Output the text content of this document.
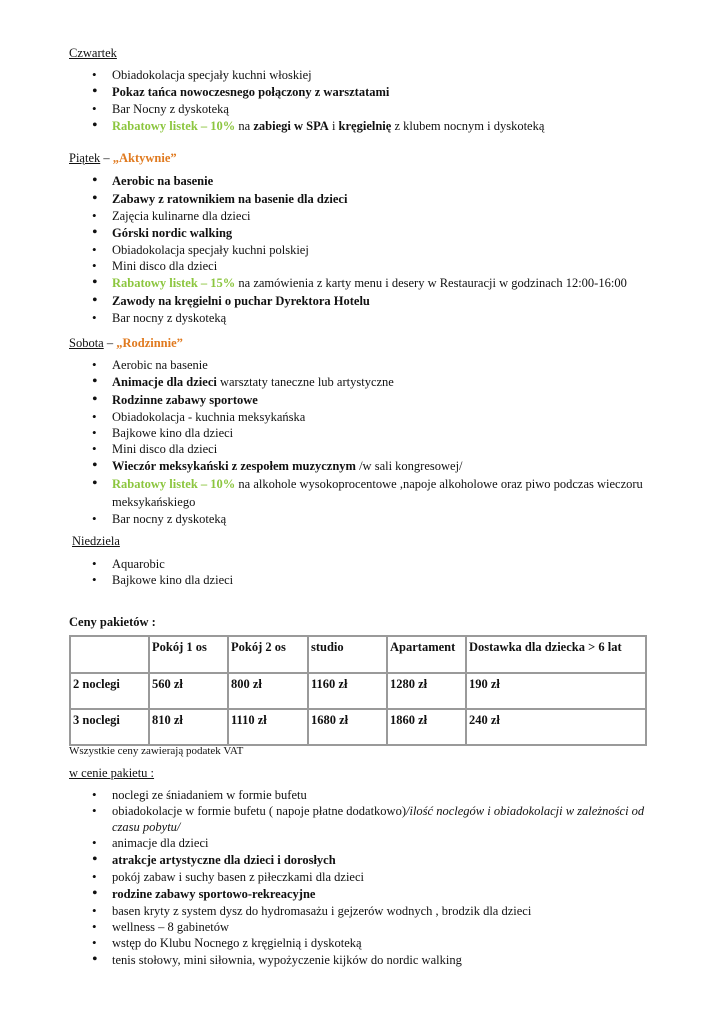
Czwartek

• Obiadokolacja specjały kuchni włoskiej
• Pokaz tańca nowoczesnego połączony z warsztatami
• Bar Nocny z dyskoteką
• Rabatowy listek – 10% na zabiegi w SPA i kręgielnię z klubem nocnym i dyskoteką

Piątek – „Aktywnie”

• Aerobic na basenie
• Zabawy z ratownikiem na basenie dla dzieci
• Zajęcia kulinarne dla dzieci
• Górski nordic walking
• Obiadokolacja specjały kuchni polskiej
• Mini disco dla dzieci
• Rabatowy listek – 15% na zamówienia z karty menu i desery w Restauracji w godzinach 12:00-16:00
• Zawody na kręgielni o puchar Dyrektora Hotelu
• Bar nocny z dyskoteką

Sobota – „Rodzinnie”

• Aerobic na basenie
• Animacje dla dzieci warsztaty taneczne lub artystyczne
• Rodzinne zabawy sportowe
• Obiadokolacja - kuchnia meksykańska
• Bajkowe kino dla dzieci
• Mini disco dla dzieci
• Wieczór meksykański z zespołem muzycznym /w sali kongresowej/
• Rabatowy listek – 10% na alkohole wysokoprocentowe ,napoje alkoholowe oraz piwo podczas wieczoru meksykańskiego
• Bar nocny z dyskoteką

Niedziela

• Aquarobic
• Bajkowe kino dla dzieci

Ceny pakietów :

	Pokój 1 os	Pokój 2 os	studio	Apartament	Dostawka dla dziecka > 6 lat
2 noclegi	560 zł	800 zł	1160 zł	1280 zł	190 zł
3 noclegi	810 zł	1110 zł	1680 zł	1860 zł	240 zł
Wszystkie ceny zawierają podatek VAT

w cenie pakietu :

• noclegi ze śniadaniem w formie bufetu
• obiadokolacje w formie bufetu ( napoje płatne dodatkowo)/ilość noclegów i obiadokolacji w zależności od czasu pobytu/
• animacje dla dzieci
• atrakcje artystyczne dla dzieci i dorosłych
• pokój zabaw i suchy basen z piłeczkami dla dzieci
• rodzine zabawy sportowo-rekreacyjne
• basen kryty z system dysz do hydromasażu i gejzerów wodnych , brodzik dla dzieci
• wellness – 8 gabinetów
• wstęp do Klubu Nocnego z kręgielnią i dyskoteką
• tenis stołowy, mini siłownia, wypożyczenie kijków do nordic walking
